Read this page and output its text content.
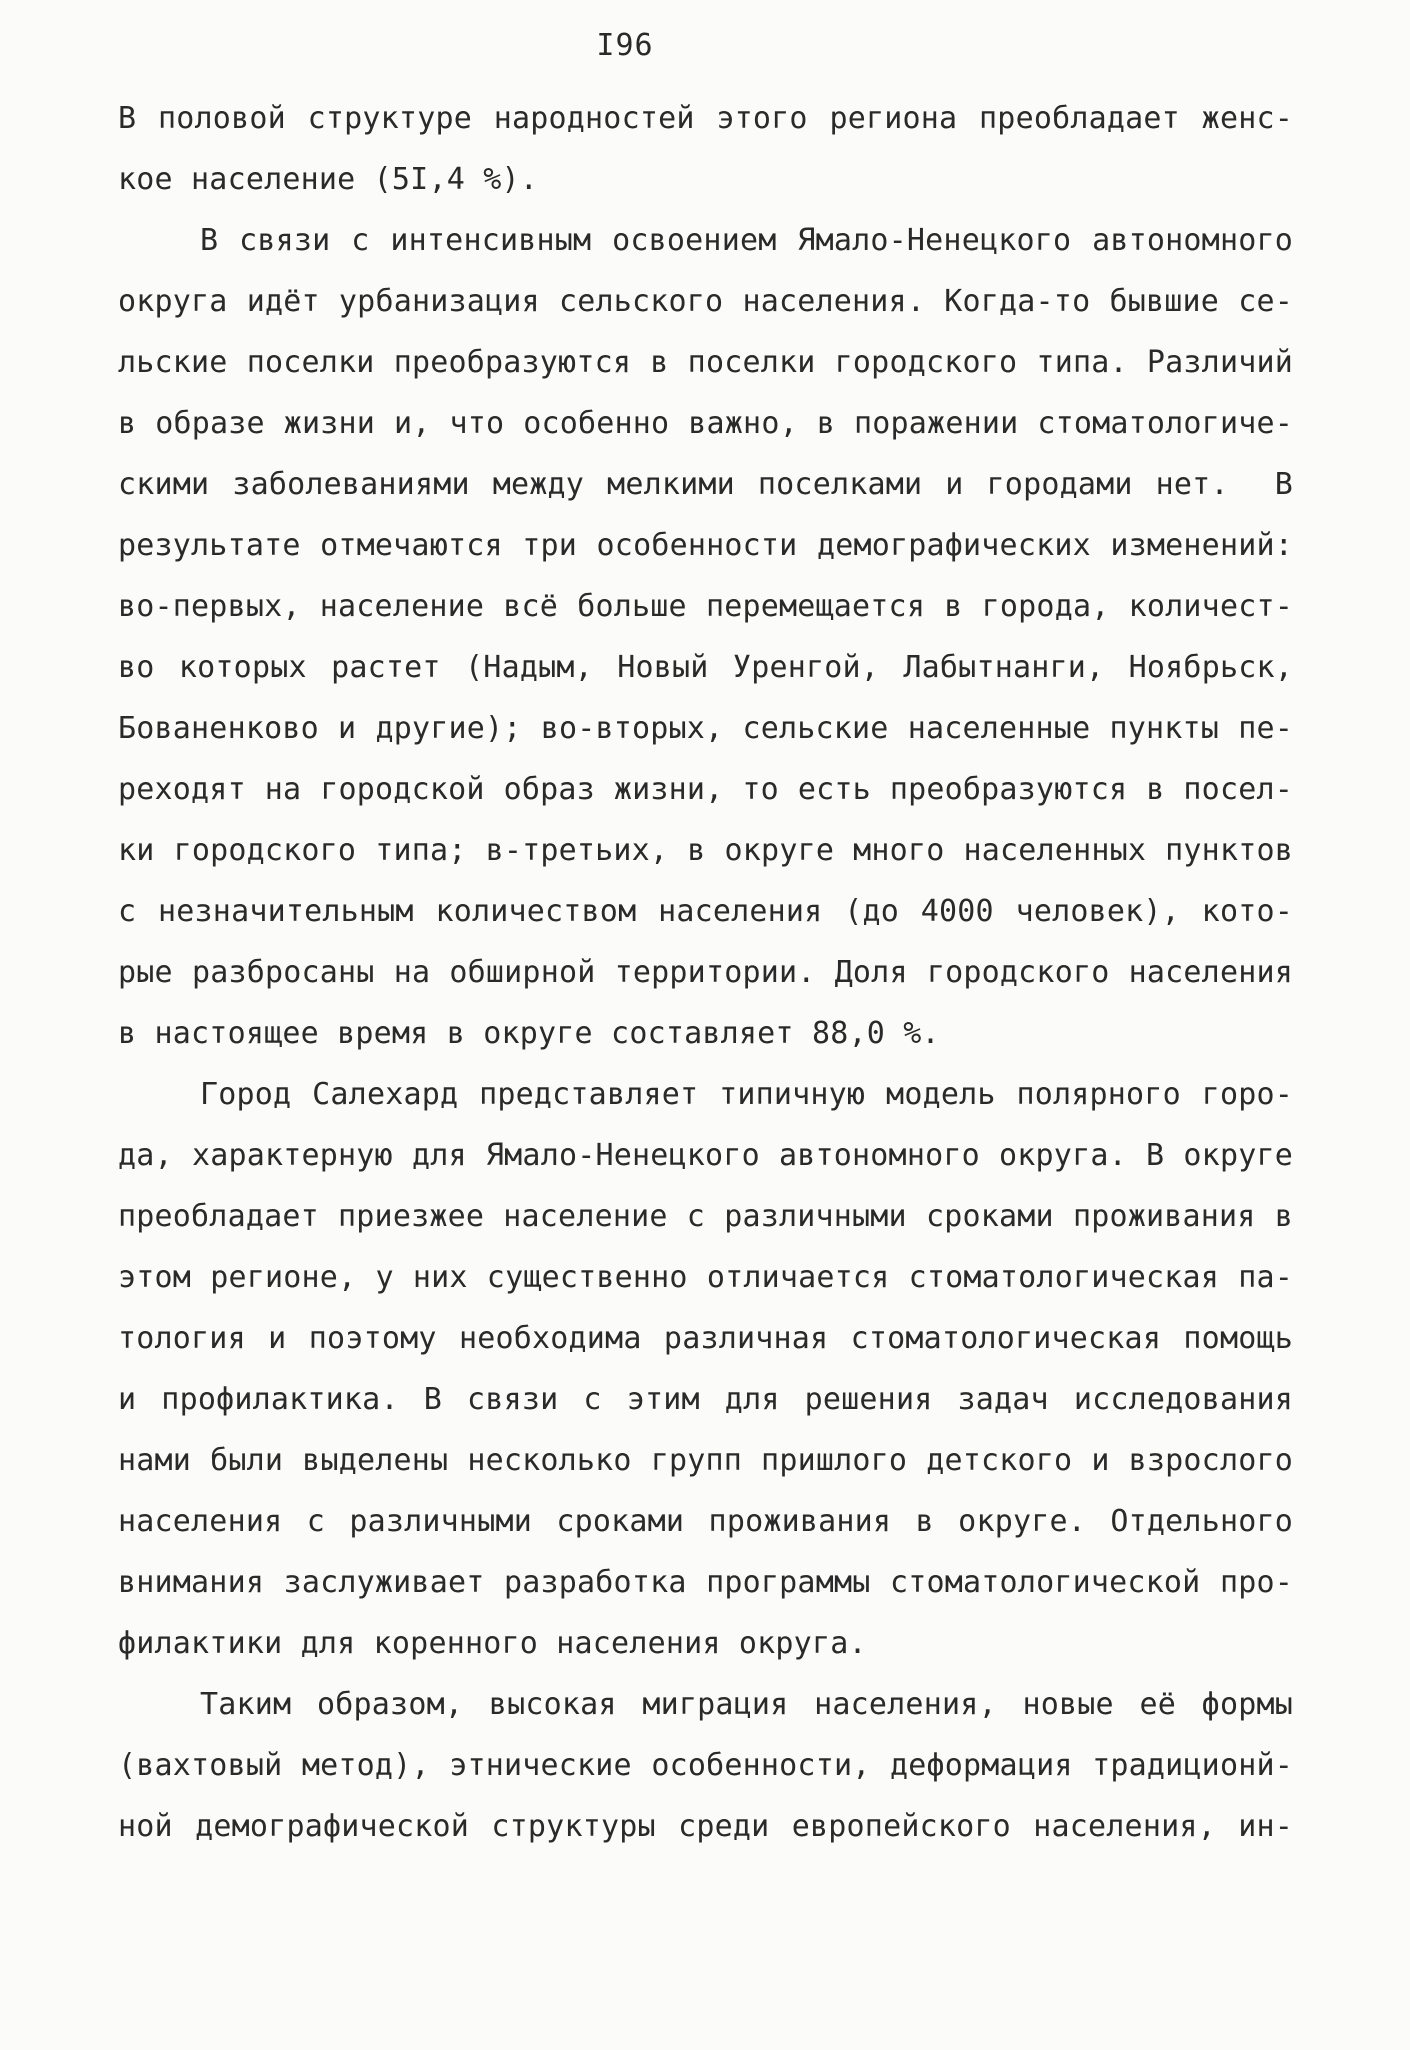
I96
В половой структуре народностей этого региона преобладает женс-
кое население (5I,4 %).
В связи с интенсивным освоением Ямало-Ненецкого автономного
округа идёт урбанизация сельского населения. Когда-то бывшие се-
льские поселки преобразуются в поселки городского типа. Различий
в образе жизни и, что особенно важно, в поражении стоматологиче-
скими заболеваниями между мелкими поселками и городами нет.  В
результате отмечаются три особенности демографических изменений:
во-первых, население всё больше перемещается в города, количест-
во которых растет (Надым, Новый Уренгой, Лабытнанги, Ноябрьск,
Бованенково и другие); во-вторых, сельские населенные пункты пе-
реходят на городской образ жизни, то есть преобразуются в посел-
ки городского типа; в-третьих, в округе много населенных пунктов
с незначительным количеством населения (до 4000 человек), кото-
рые разбросаны на обширной территории. Доля городского населения
в настоящее время в округе составляет 88,0 %.
Город Салехард представляет типичную модель полярного горо-
да, характерную для Ямало-Ненецкого автономного округа. В округе
преобладает приезжее население с различными сроками проживания в
этом регионе, у них существенно отличается стоматологическая па-
тология и поэтому необходима различная стоматологическая помощь
и профилактика. В связи с этим для решения задач исследования
нами были выделены несколько групп пришлого детского и взрослого
населения с различными сроками проживания в округе. Отдельного
внимания заслуживает разработка программы стоматологической про-
филактики для коренного населения округа.
Таким образом, высокая миграция населения, новые её формы
(вахтовый метод), этнические особенности, деформация традиционй-
ной демографической структуры среди европейского населения, ин-
